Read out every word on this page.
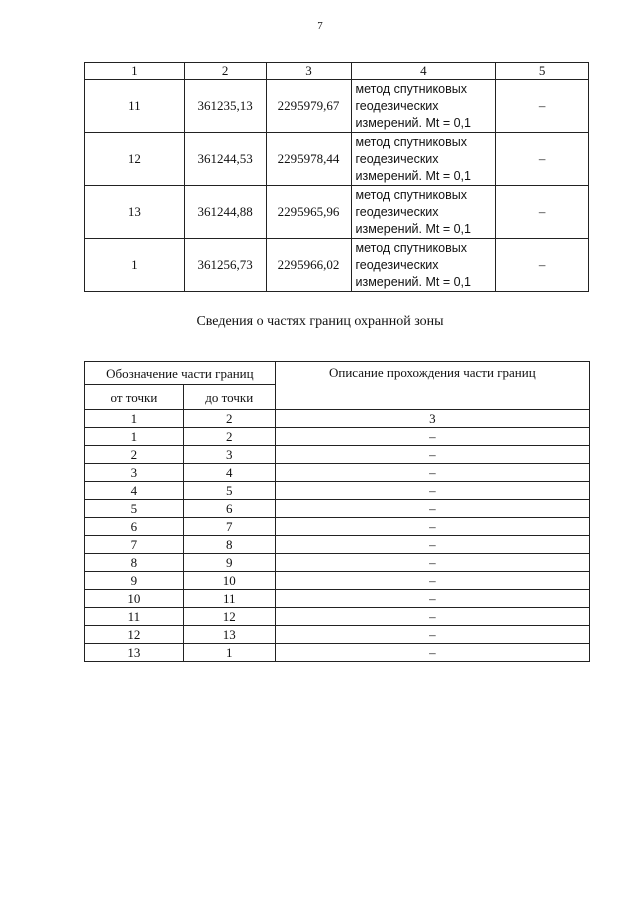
7
1	2	3	4	5
11	361235,13	2295979,67	метод спутниковых
геодезических
измерений. Mt = 0,1	–
12	361244,53	2295978,44	метод спутниковых
геодезических
измерений. Mt = 0,1	–
13	361244,88	2295965,96	метод спутниковых
геодезических
измерений. Mt = 0,1	–
1	361256,73	2295966,02	метод спутниковых
геодезических
измерений. Mt = 0,1	–
Сведения о частях границ охранной зоны
Обозначение части границ		Описание прохождения части границ
от точки	до точки	
1	2	3
1	2	–
2	3	–
3	4	–
4	5	–
5	6	–
6	7	–
7	8	–
8	9	–
9	10	–
10	11	–
11	12	–
12	13	–
13	1	–
